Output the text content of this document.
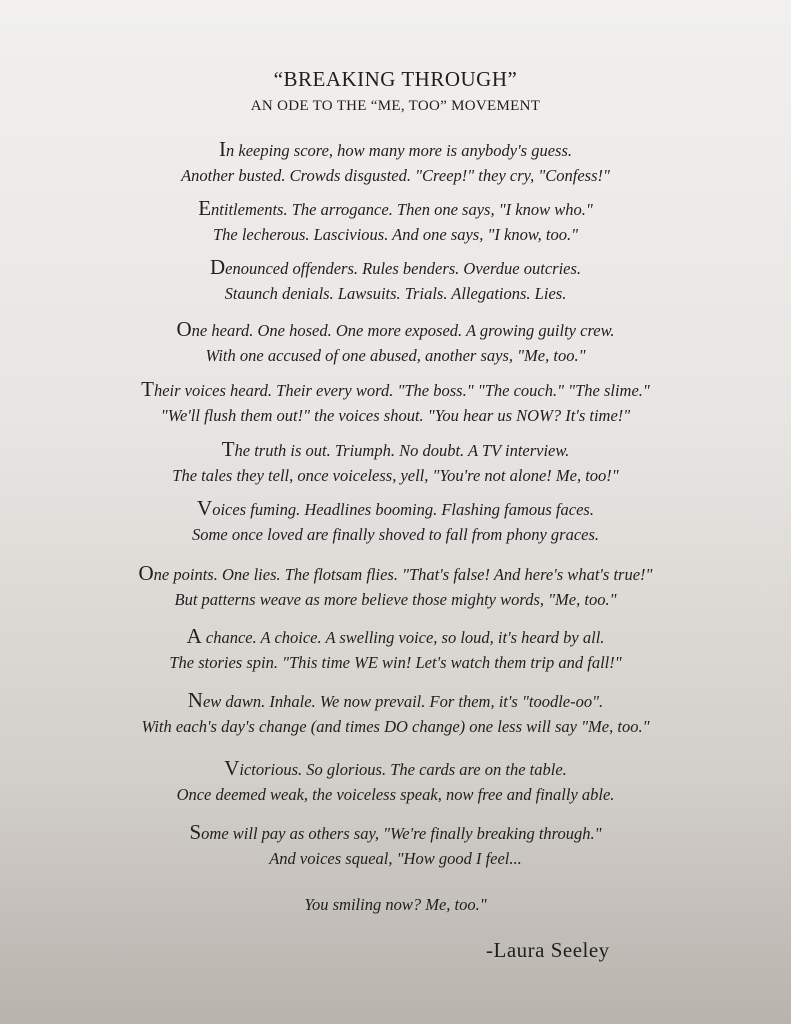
“BREAKING THROUGH”
AN ODE TO THE “ME, TOO” MOVEMENT
In keeping score, how many more is anybody's guess.
Another busted. Crowds disgusted. "Creep!" they cry, "Confess!"
Entitlements. The arrogance. Then one says, "I know who."
The lecherous. Lascivious. And one says, "I know, too."
Denounced offenders. Rules benders. Overdue outcries.
Staunch denials. Lawsuits. Trials. Allegations. Lies.
One heard. One hosed. One more exposed. A growing guilty crew.
With one accused of one abused, another says, "Me, too."
Their voices heard. Their every word. "The boss." "The couch." "The slime."
"We'll flush them out!" the voices shout. "You hear us NOW? It's time!"
The truth is out. Triumph. No doubt. A TV interview.
The tales they tell, once voiceless, yell, "You're not alone! Me, too!"
Voices fuming. Headlines booming. Flashing famous faces.
Some once loved are finally shoved to fall from phony graces.
One points. One lies. The flotsam flies. "That's false! And here's what's true!"
But patterns weave as more believe those mighty words, "Me, too."
A chance. A choice. A swelling voice, so loud, it's heard by all.
The stories spin. "This time WE win! Let's watch them trip and fall!"
New dawn. Inhale. We now prevail. For them, it's "toodle-oo".
With each's day's change (and times DO change) one less will say "Me, too."
Victorious. So glorious. The cards are on the table.
Once deemed weak, the voiceless speak, now free and finally able.
Some will pay as others say, "We're finally breaking through."
And voices squeal, "How good I feel...
You smiling now? Me, too."
-Laura Seeley
